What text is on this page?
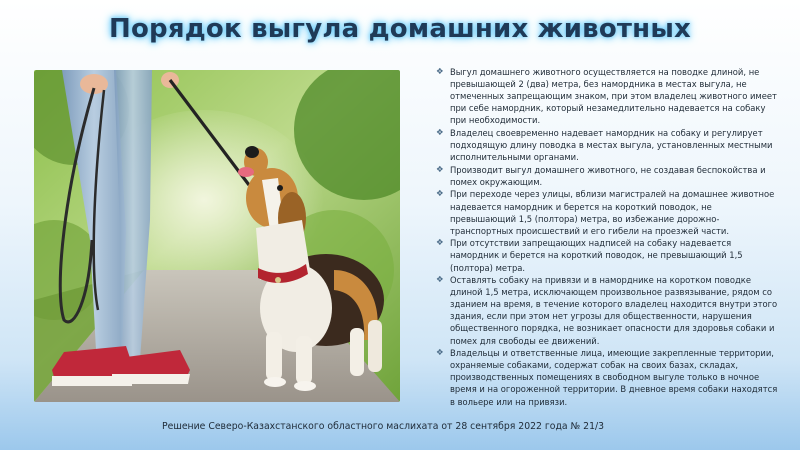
Порядок выгула домашних животных
❖ Выгул домашнего животного осуществляется на поводке длиной, не превышающей 2 (два) метра, без намордника в местах выгула, не отмеченных запрещающим знаком, при этом владелец животного имеет при себе намордник, который незамедлительно надевается на собаку при необходимости.
❖ Владелец своевременно надевает намордник на собаку и регулирует подходящую длину поводка в местах выгула, установленных местными исполнительными органами.
❖ Производит выгул домашнего животного, не создавая беспокойства и помех окружающим.
❖ При переходе через улицы, вблизи магистралей на домашнее животное надевается намордник и берется на короткий поводок, не превышающий 1,5 (полтора) метра, во избежание дорожно-транспортных происшествий и его гибели на проезжей части.
❖ При отсутствии запрещающих надписей на собаку надевается намордник и берется на короткий поводок, не превышающий 1,5 (полтора) метра.
❖ Оставлять собаку на привязи и в наморднике на коротком поводке длиной 1,5 метра, исключающем произвольное развязывание, рядом со зданием на время, в течение которого владелец находится внутри этого здания, если при этом нет угрозы для общественности, нарушения общественного порядка, не возникает опасности для здоровья собаки и помех для свободы ее движений.
❖ Владельцы и ответственные лица, имеющие закрепленные территории, охраняемые собаками, содержат собак на своих базах, складах, производственных помещениях в свободном выгуле только в ночное время и на огороженной территории. В дневное время собаки находятся в вольере или на привязи.
Решение Северо-Казахстанского областного маслихата от 28 сентября 2022 года № 21/3
